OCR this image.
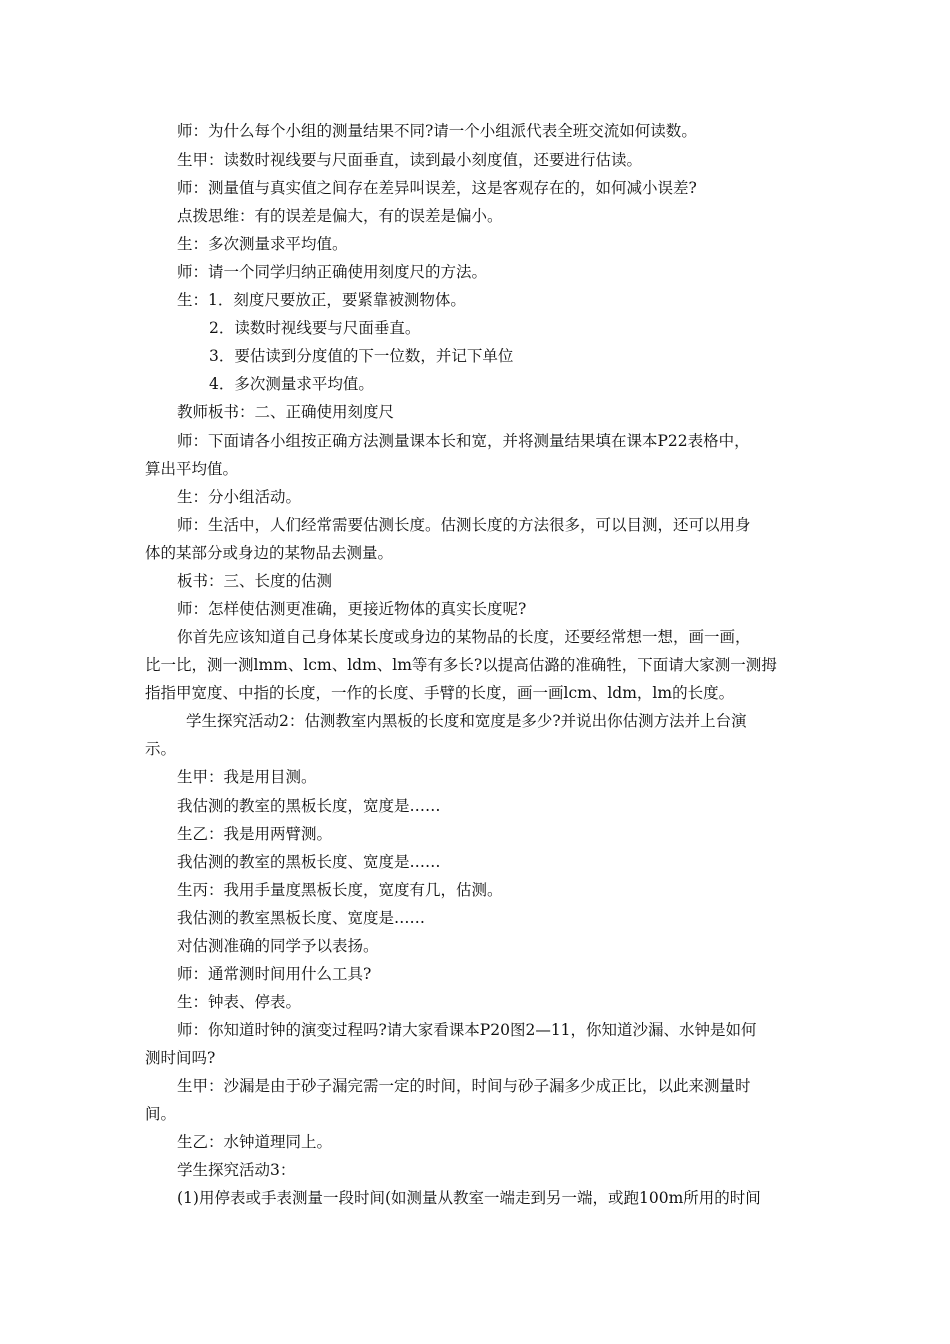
师：为什么每个小组的测量结果不同?请一个小组派代表全班交流如何读数。
生甲：读数时视线要与尺面垂直，读到最小刻度值，还要进行估读。
师：测量值与真实值之间存在差异叫误差，这是客观存在的，如何减小误差?
点拨思维：有的误差是偏大，有的误差是偏小。
生：多次测量求平均值。
师：请一个同学归纳正确使用刻度尺的方法。
生：1．刻度尺要放正，要紧靠被测物体。
2．读数时视线要与尺面垂直。
3．要估读到分度值的下一位数，并记下单位
4．多次测量求平均值。
教师板书：二、正确使用刻度尺
师：下面请各小组按正确方法测量课本长和宽，并将测量结果填在课本P22表格中，
算出平均值。
生：分小组活动。
师：生活中，人们经常需要估测长度。估测长度的方法很多，可以目测，还可以用身
体的某部分或身边的某物品去测量。
板书：三、长度的估测
师：怎样使估测更准确，更接近物体的真实长度呢?
你首先应该知道自己身体某长度或身边的某物品的长度，还要经常想一想，画一画，
比一比，测一测lmm、lcm、ldm、lm等有多长?以提高估潞的准确牲，下面请大家测一测拇
指指甲宽度、中指的长度，一作的长度、手臂的长度，画一画lcm、ldm，lm的长度。
学生探究活动2：估测教室内黑板的长度和宽度是多少?并说出你估测方法并上台演
示。
生甲：我是用目测。
我估测的教室的黑板长度，宽度是……
生乙：我是用两臂测。
我估测的教室的黑板长度、宽度是……
生丙：我用手量度黑板长度，宽度有几，估测。
我估测的教室黑板长度、宽度是……
对估测准确的同学予以表扬。
师：通常测时间用什么工具?
生：钟表、停表。
师：你知道时钟的演变过程吗?请大家看课本P20图2—11，你知道沙漏、水钟是如何
测时间吗?
生甲：沙漏是由于砂子漏完需一定的时间，时间与砂子漏多少成正比，以此来测量时
间。
生乙：水钟道理同上。
学生探究活动3：
(1)用停表或手表测量一段时间(如测量从教室一端走到另一端，或跑100m所用的时间
